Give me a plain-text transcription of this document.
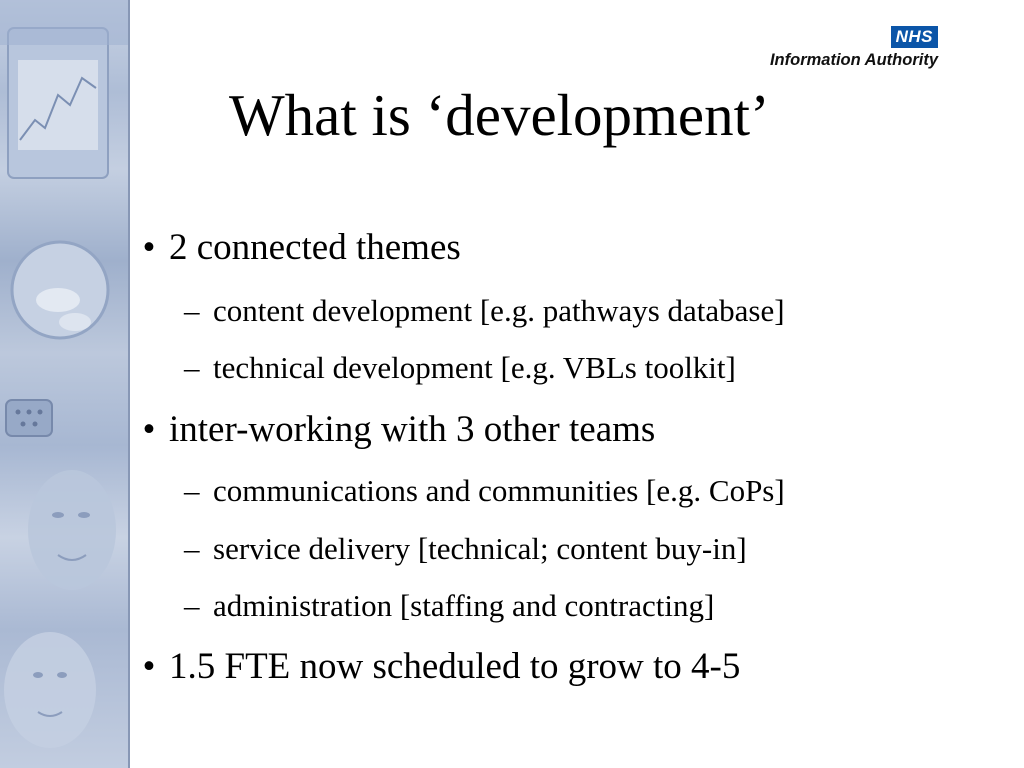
NHS
Information Authority
What is ‘development’
• 2 connected themes
– content development [e.g. pathways database]
– technical development [e.g. VBLs toolkit]
• inter-working with 3 other teams
– communications and communities [e.g. CoPs]
– service delivery [technical; content buy-in]
– administration [staffing and contracting]
• 1.5 FTE now scheduled to grow to 4-5
